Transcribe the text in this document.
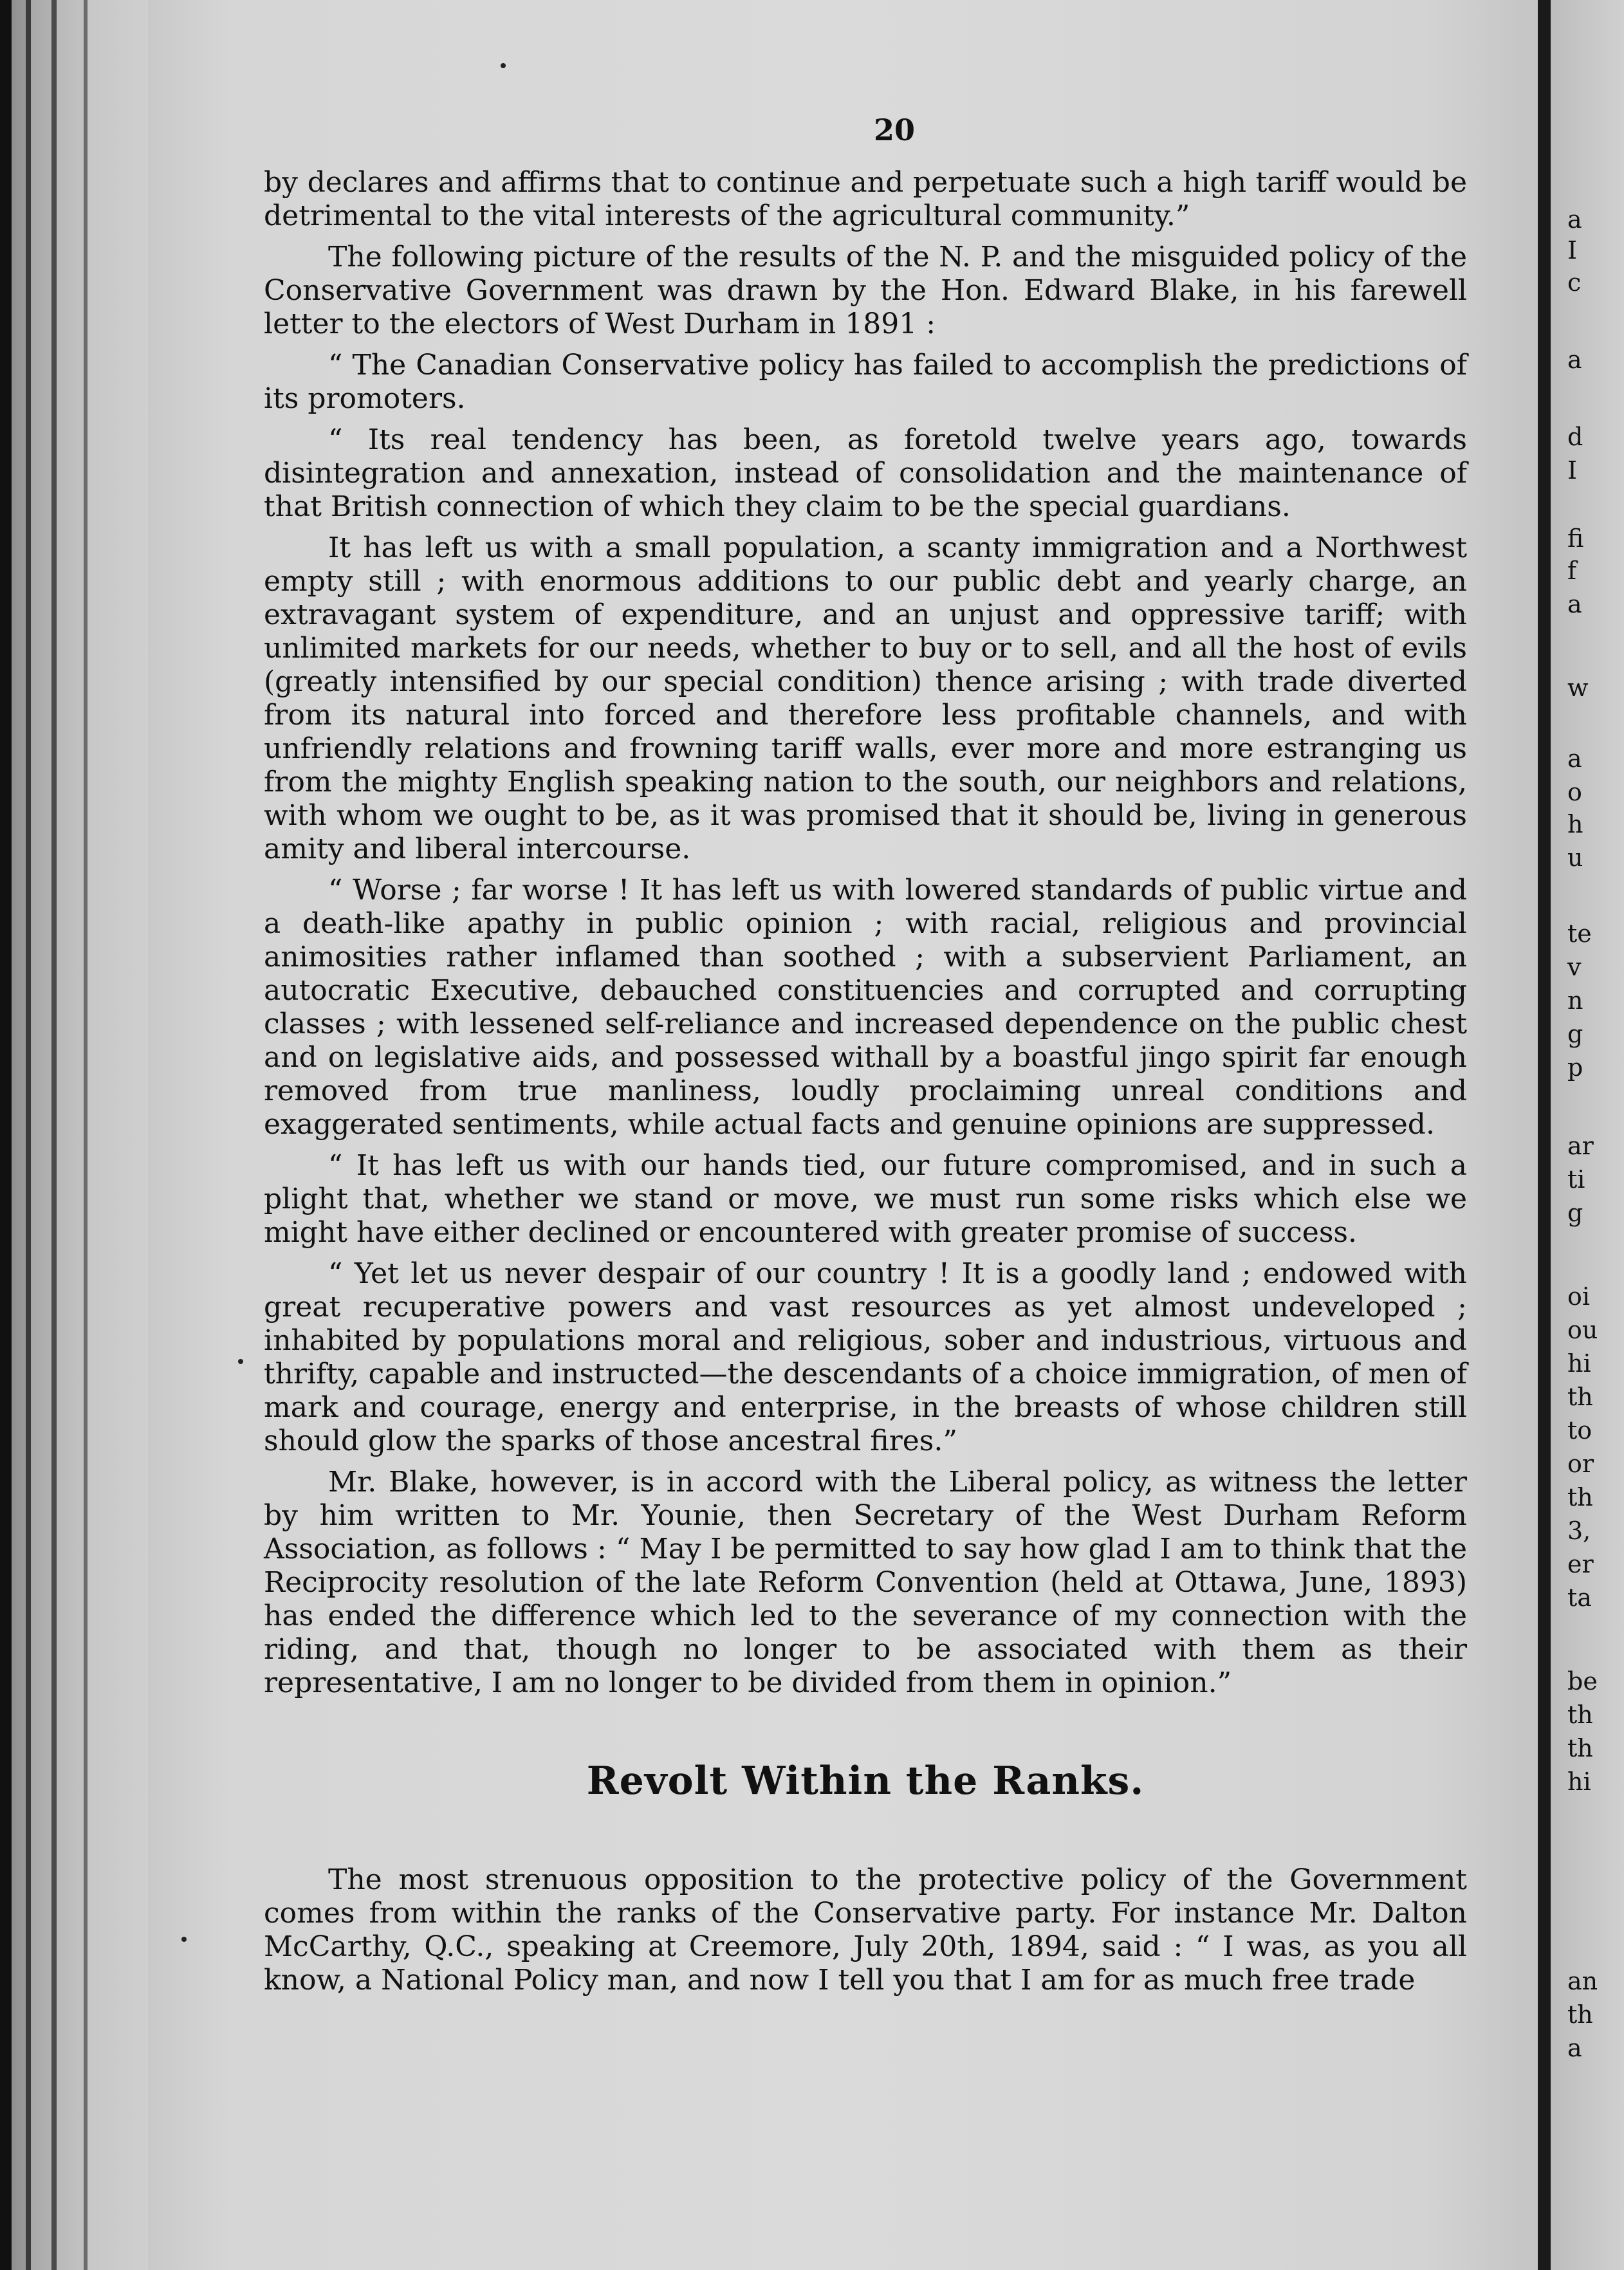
20

by declares and affirms that to continue and perpetuate such a high tariff would be detrimental to the vital interests of the agricultural community.”

The following picture of the results of the N. P. and the misguided policy of the Conservative Government was drawn by the Hon. Edward Blake, in his farewell letter to the electors of West Durham in 1891 :

“ The Canadian Conservative policy has failed to accomplish the predictions of its promoters.

“ Its real tendency has been, as foretold twelve years ago, towards disintegration and annexation, instead of consolidation and the maintenance of that British connection of which they claim to be the special guardians.

It has left us with a small population, a scanty immigration and a Northwest empty still ; with enormous additions to our public debt and yearly charge, an extravagant system of expenditure, and an unjust and oppressive tariff; with unlimited markets for our needs, whether to buy or to sell, and all the host of evils (greatly intensified by our special condition) thence arising ; with trade diverted from its natural into forced and therefore less profitable channels, and with unfriendly relations and frowning tariff walls, ever more and more estranging us from the mighty English speaking nation to the south, our neighbors and relations, with whom we ought to be, as it was promised that it should be, living in generous amity and liberal intercourse.

“ Worse ; far worse ! It has left us with lowered standards of public virtue and a death-like apathy in public opinion ; with racial, religious and provincial animosities rather inflamed than soothed ; with a subservient Parliament, an autocratic Executive, debauched constituencies and corrupted and corrupting classes ; with lessened self-reliance and increased dependence on the public chest and on legislative aids, and possessed withall by a boastful jingo spirit far enough removed from true manliness, loudly proclaiming unreal conditions and exaggerated sentiments, while actual facts and genuine opinions are suppressed.

“ It has left us with our hands tied, our future compromised, and in such a plight that, whether we stand or move, we must run some risks which else we might have either declined or encountered with greater promise of success.

“ Yet let us never despair of our country ! It is a goodly land ; endowed with great recuperative powers and vast resources as yet almost undeveloped ; inhabited by populations moral and religious, sober and industrious, virtuous and thrifty, capable and instructed—the descendants of a choice immigration, of men of mark and courage, energy and enterprise, in the breasts of whose children still should glow the sparks of those ancestral fires.”

Mr. Blake, however, is in accord with the Liberal policy, as witness the letter by him written to Mr. Younie, then Secretary of the West Durham Reform Association, as follows : “ May I be permitted to say how glad I am to think that the Reciprocity resolution of the late Reform Convention (held at Ottawa, June, 1893) has ended the difference which led to the severance of my connection with the riding, and that, though no longer to be associated with them as their representative, I am no longer to be divided from them in opinion.”

Revolt Within the Ranks.

The most strenuous opposition to the protective policy of the Government comes from within the ranks of the Conservative party. For instance Mr. Dalton McCarthy, Q.C., speaking at Creemore, July 20th, 1894, said : “ I was, as you all know, a National Policy man, and now I tell you that I am for as much free trade

a
I
c
a
d
I
fi
f
a
w
a
o
h
u
te
v
n
g
p
ar
ti
g
oi
ou
hi
th
to
or
th
3,
er
ta
be
th
th
hi
an
th
a
